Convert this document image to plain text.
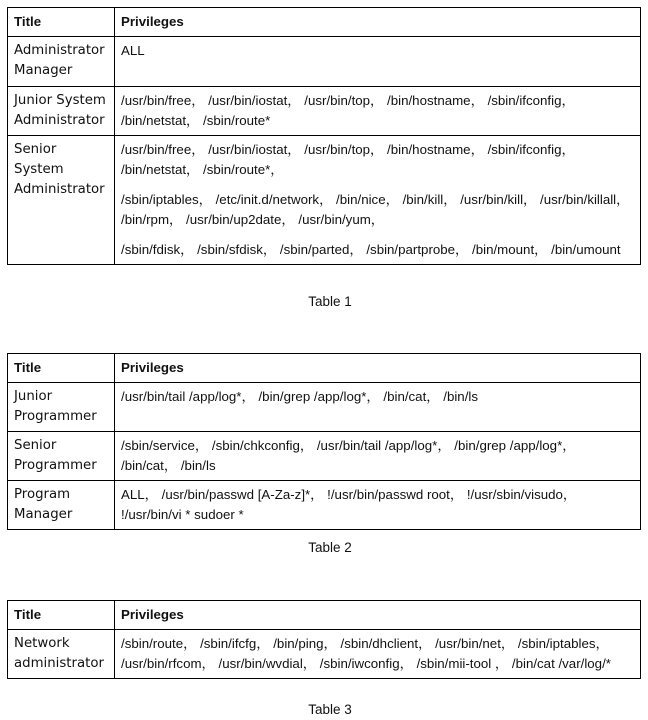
Title	Privileges
Administrator Manager	ALL

Junior System Administrator	/usr/bin/free， /usr/bin/iostat， /usr/bin/top， /bin/hostname， /sbin/ifconfig， /bin/netstat， /sbin/route*

Senior System Administrator	/usr/bin/free， /usr/bin/iostat， /usr/bin/top， /bin/hostname， /sbin/ifconfig， /bin/netstat， /sbin/route*，

/sbin/iptables， /etc/init.d/network， /bin/nice， /bin/kill， /usr/bin/kill， /usr/bin/killall， /bin/rpm， /usr/bin/up2date， /usr/bin/yum，

/sbin/fdisk， /sbin/sfdisk， /sbin/parted， /sbin/partprobe， /bin/mount， /bin/umount

Table 1
Title	Privileges
Junior Programmer	/usr/bin/tail /app/log*， /bin/grep /app/log*， /bin/cat， /bin/ls

Senior Programmer	/sbin/service， /sbin/chkconfig， /usr/bin/tail /app/log*， /bin/grep /app/log*， /bin/cat， /bin/ls

Program Manager	ALL， /usr/bin/passwd [A-Za-z]*， !/usr/bin/passwd root， !/usr/sbin/visudo， !/usr/bin/vi * sudoer *

Table 2
Title	Privileges
Network administrator	/sbin/route， /sbin/ifcfg， /bin/ping， /sbin/dhclient， /usr/bin/net， /sbin/iptables， /usr/bin/rfcom， /usr/bin/wvdial， /sbin/iwconfig， /sbin/mii-tool ， /bin/cat /var/log/*

Table 3
